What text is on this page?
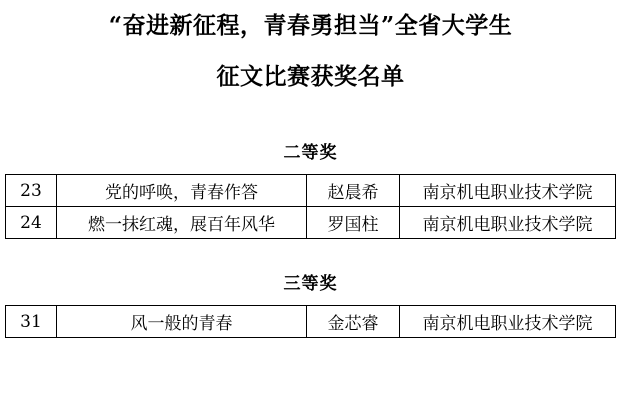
“奋进新征程，青春勇担当”全省大学生
征文比赛获奖名单
二等奖
23	党的呼唤，青春作答	赵晨希	南京机电职业技术学院
24	燃一抹红魂，展百年风华	罗国柱	南京机电职业技术学院
三等奖
31	风一般的青春	金芯睿	南京机电职业技术学院
